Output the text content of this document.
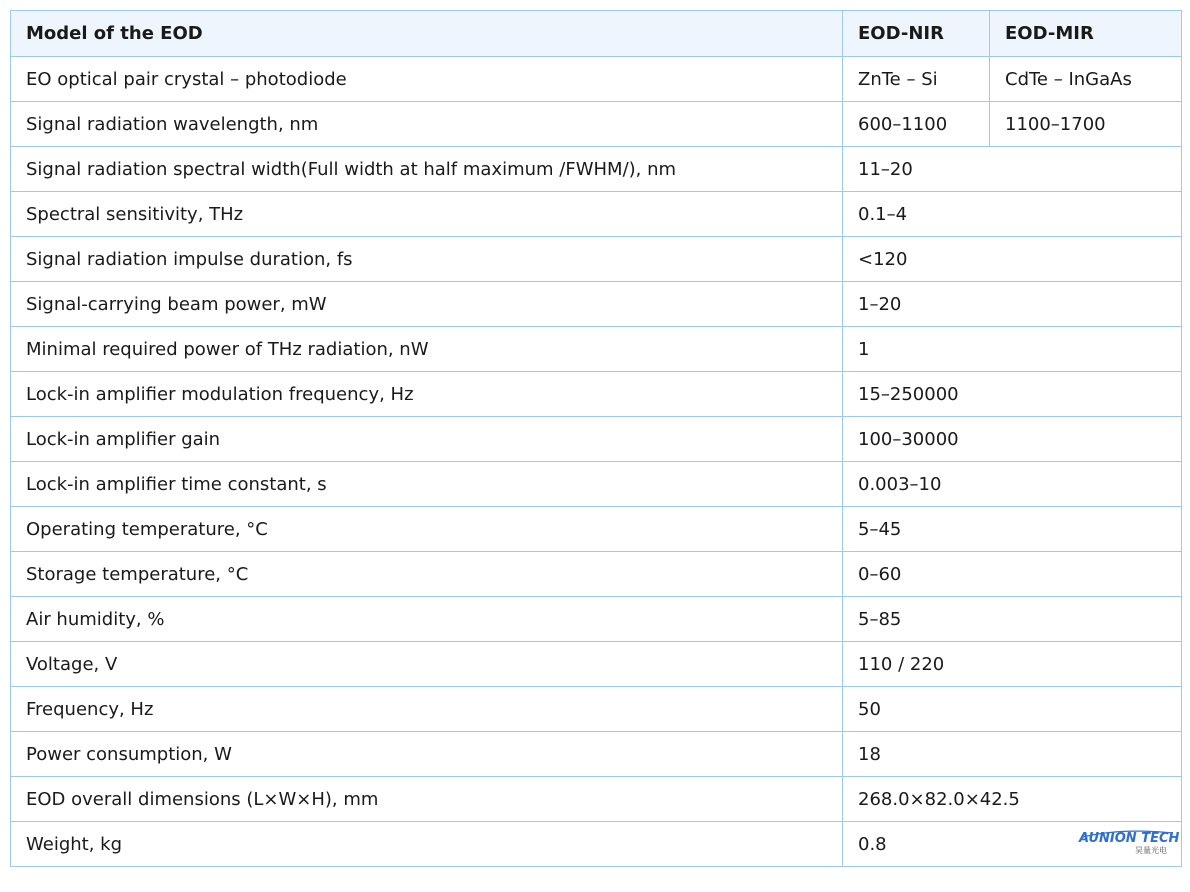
Model of the EOD	EOD-NIR	EOD-MIR
EO optical pair crystal – photodiode	ZnTe – Si	CdTe – InGaAs
Signal radiation wavelength, nm	600–1100	1100–1700
Signal radiation spectral width(Full width at half maximum /FWHM/), nm	11–20	
Spectral sensitivity, THz	0.1–4	
Signal radiation impulse duration, fs	<120	
Signal-carrying beam power, mW	1–20	
Minimal required power of THz radiation, nW	1	
Lock-in amplifier modulation frequency, Hz	15–250000	
Lock-in amplifier gain	100–30000	
Lock-in amplifier time constant, s	0.003–10	
Operating temperature, °C	5–45	
Storage temperature, °C	0–60	
Air humidity, %	5–85	
Voltage, V	110 / 220	
Frequency, Hz	50	
Power consumption, W	18	
EOD overall dimensions (L×W×H), mm	268.0×82.0×42.5	
Weight, kg	0.8 AUNION TECH
昊量光电	
